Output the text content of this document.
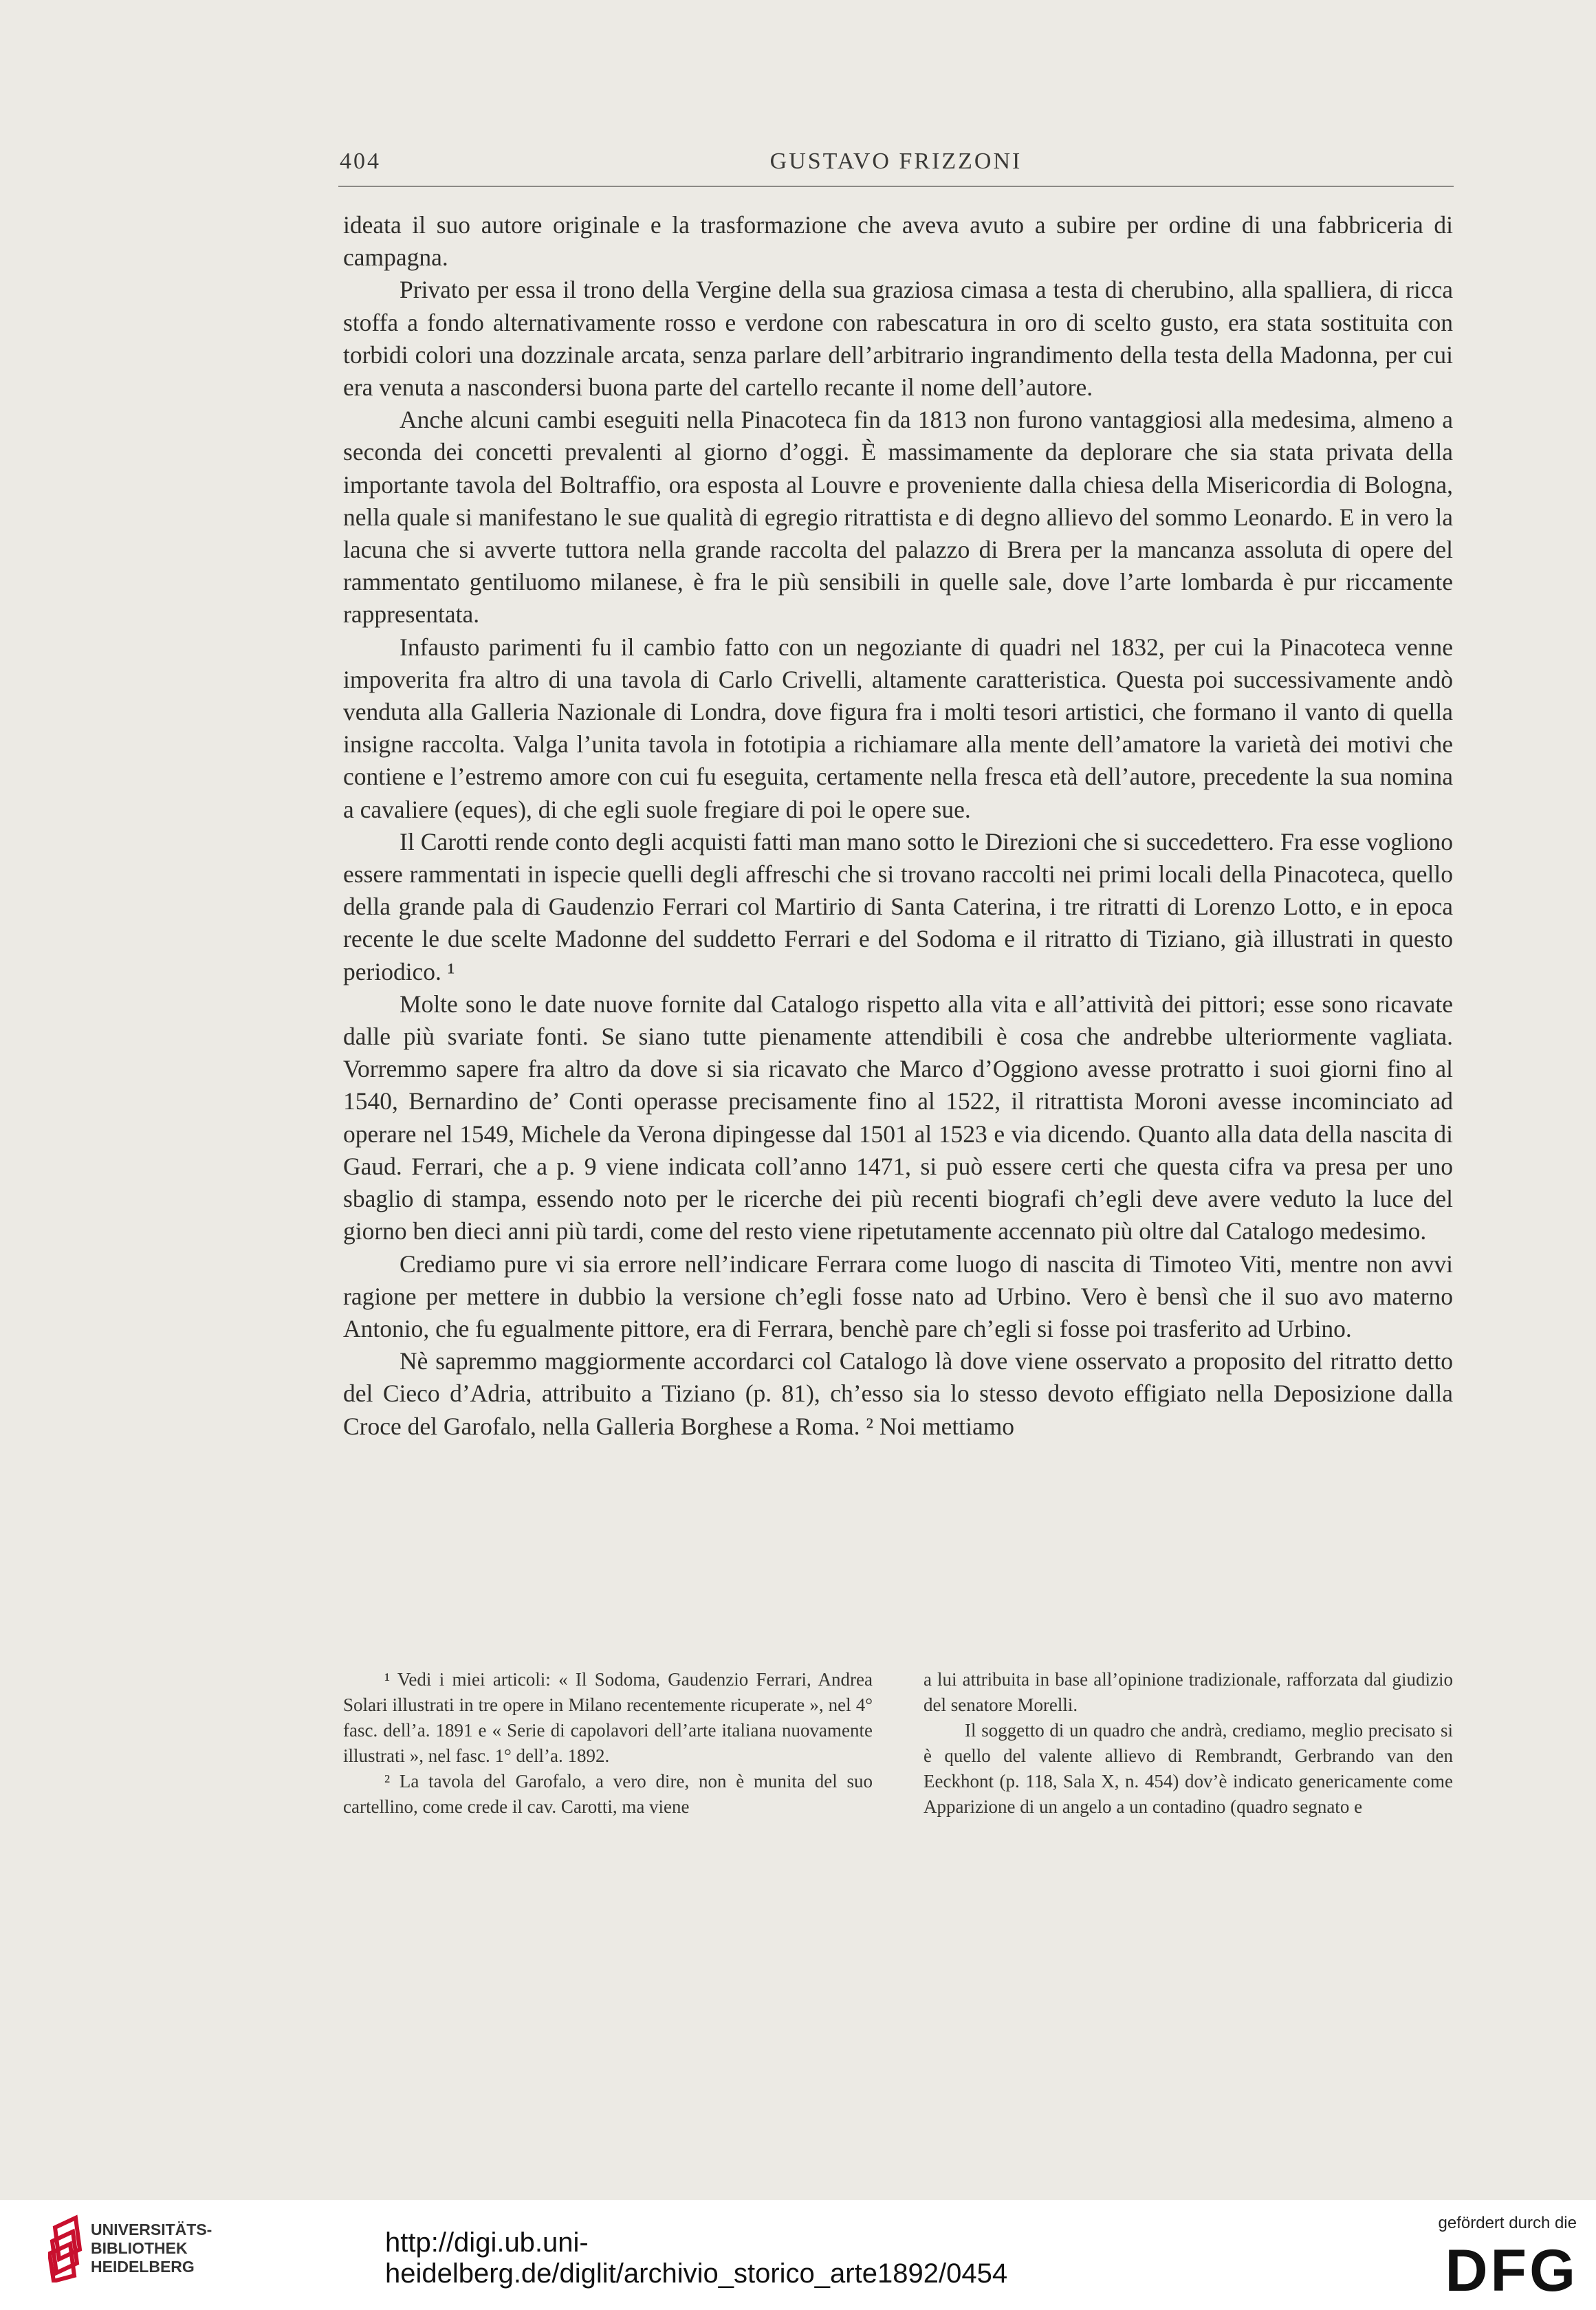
404	GUSTAVO FRIZZONI

ideata il suo autore originale e la trasformazione che aveva avuto a subire per ordine di una fabbriceria di campagna.

Privato per essa il trono della Vergine della sua graziosa cimasa a testa di cherubino, alla spalliera, di ricca stoffa a fondo alternativamente rosso e verdone con rabescatura in oro di scelto gusto, era stata sostituita con torbidi colori una dozzinale arcata, senza parlare dell’arbitrario ingrandimento della testa della Madonna, per cui era venuta a nascondersi buona parte del cartello recante il nome dell’autore.

Anche alcuni cambi eseguiti nella Pinacoteca fin da 1813 non furono vantaggiosi alla medesima, almeno a seconda dei concetti prevalenti al giorno d’oggi. È massimamente da deplorare che sia stata privata della importante tavola del Boltraffio, ora esposta al Louvre e proveniente dalla chiesa della Misericordia di Bologna, nella quale si manifestano le sue qualità di egregio ritrattista e di degno allievo del sommo Leonardo. E in vero la lacuna che si avverte tuttora nella grande raccolta del palazzo di Brera per la mancanza assoluta di opere del rammentato gentiluomo milanese, è fra le più sensibili in quelle sale, dove l’arte lombarda è pur riccamente rappresentata.

Infausto parimenti fu il cambio fatto con un negoziante di quadri nel 1832, per cui la Pinacoteca venne impoverita fra altro di una tavola di Carlo Crivelli, altamente caratteristica. Questa poi successivamente andò venduta alla Galleria Nazionale di Londra, dove figura fra i molti tesori artistici, che formano il vanto di quella insigne raccolta. Valga l’unita tavola in fototipia a richiamare alla mente dell’amatore la varietà dei motivi che contiene e l’estremo amore con cui fu eseguita, certamente nella fresca età dell’autore, precedente la sua nomina a cavaliere (eques), di che egli suole fregiare di poi le opere sue.

Il Carotti rende conto degli acquisti fatti man mano sotto le Direzioni che si succedettero. Fra esse vogliono essere rammentati in ispecie quelli degli affreschi che si trovano raccolti nei primi locali della Pinacoteca, quello della grande pala di Gaudenzio Ferrari col Martirio di Santa Caterina, i tre ritratti di Lorenzo Lotto, e in epoca recente le due scelte Madonne del suddetto Ferrari e del Sodoma e il ritratto di Tiziano, già illustrati in questo periodico. ¹

Molte sono le date nuove fornite dal Catalogo rispetto alla vita e all’attività dei pittori; esse sono ricavate dalle più svariate fonti. Se siano tutte pienamente attendibili è cosa che andrebbe ulteriormente vagliata. Vorremmo sapere fra altro da dove si sia ricavato che Marco d’Oggiono avesse protratto i suoi giorni fino al 1540, Bernardino de’ Conti operasse precisamente fino al 1522, il ritrattista Moroni avesse incominciato ad operare nel 1549, Michele da Verona dipingesse dal 1501 al 1523 e via dicendo. Quanto alla data della nascita di Gaud. Ferrari, che a p. 9 viene indicata coll’anno 1471, si può essere certi che questa cifra va presa per uno sbaglio di stampa, essendo noto per le ricerche dei più recenti biografi ch’egli deve avere veduto la luce del giorno ben dieci anni più tardi, come del resto viene ripetutamente accennato più oltre dal Catalogo medesimo.

Crediamo pure vi sia errore nell’indicare Ferrara come luogo di nascita di Timoteo Viti, mentre non avvi ragione per mettere in dubbio la versione ch’egli fosse nato ad Urbino. Vero è bensì che il suo avo materno Antonio, che fu egualmente pittore, era di Ferrara, benchè pare ch’egli si fosse poi trasferito ad Urbino.

Nè sapremmo maggiormente accordarci col Catalogo là dove viene osservato a proposito del ritratto detto del Cieco d’Adria, attribuito a Tiziano (p. 81), ch’esso sia lo stesso devoto effigiato nella Deposizione dalla Croce del Garofalo, nella Galleria Borghese a Roma. ² Noi mettiamo

¹ Vedi i miei articoli: « Il Sodoma, Gaudenzio Ferrari, Andrea Solari illustrati in tre opere in Milano recentemente ricuperate », nel 4° fasc. dell’a. 1891 e « Serie di capolavori dell’arte italiana nuovamente illustrati », nel fasc. 1° dell’a. 1892.

² La tavola del Garofalo, a vero dire, non è munita del suo cartellino, come crede il cav. Carotti, ma viene

a lui attribuita in base all’opinione tradizionale, rafforzata dal giudizio del senatore Morelli.

Il soggetto di un quadro che andrà, crediamo, meglio precisato si è quello del valente allievo di Rembrandt, Gerbrando van den Eeckhont (p. 118, Sala X, n. 454) dov’è indicato genericamente come Apparizione di un angelo a un contadino (quadro segnato e

UNIVERSITÄTS-
BIBLIOTHEK
HEIDELBERG
http://digi.ub.uni-heidelberg.de/diglit/archivio_storico_arte1892/0454
gefördert durch die
DFG
